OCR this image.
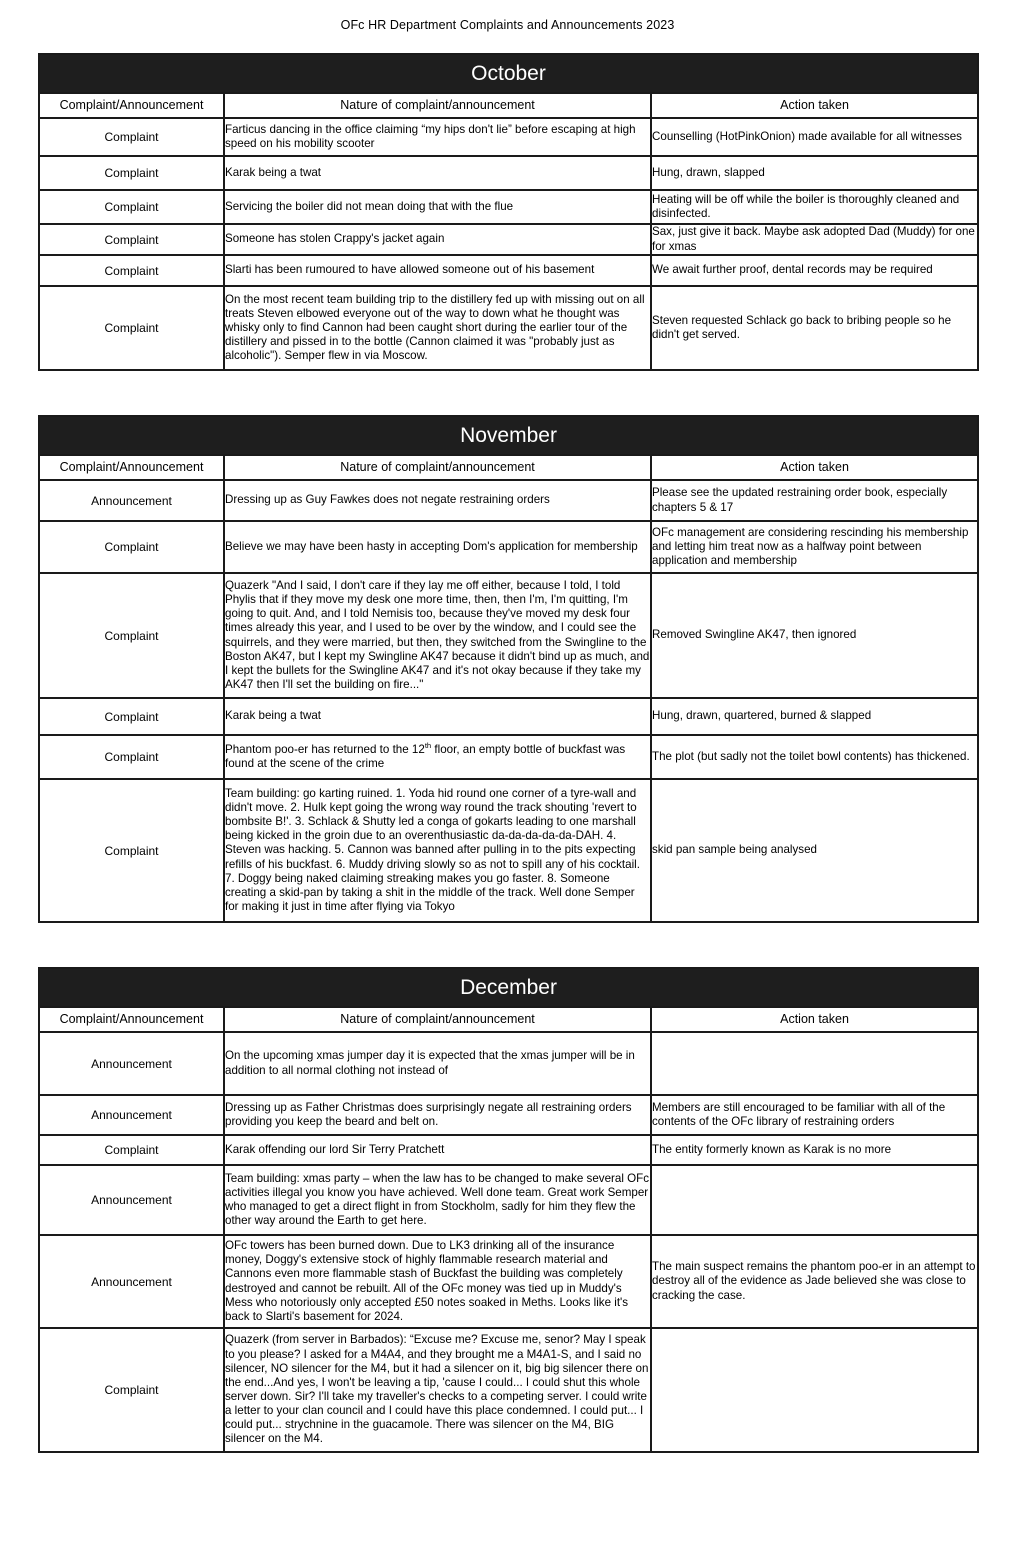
OFc HR Department Complaints and Announcements 2023
October		
Complaint/Announcement	Nature of complaint/announcement	Action taken
Complaint	Farticus dancing in the office claiming “my hips don't lie” before escaping at high speed on his mobility scooter	Counselling (HotPinkOnion) made available for all witnesses
Complaint	Karak being a twat	Hung, drawn, slapped
Complaint	Servicing the boiler did not mean doing that with the flue	Heating will be off while the boiler is thoroughly cleaned and disinfected.
Complaint	Someone has stolen Crappy's jacket again	Sax, just give it back. Maybe ask adopted Dad (Muddy) for one for xmas
Complaint	Slarti has been rumoured to have allowed someone out of his basement	We await further proof, dental records may be required
Complaint	On the most recent team building trip to the distillery fed up with missing out on all treats Steven elbowed everyone out of the way to down what he thought was whisky only to find Cannon had been caught short during the earlier tour of the distillery and pissed in to the bottle (Cannon claimed it was "probably just as alcoholic"). Semper flew in via Moscow.	Steven requested Schlack go back to bribing people so he didn't get served.
November		
Complaint/Announcement	Nature of complaint/announcement	Action taken
Announcement	Dressing up as Guy Fawkes does not negate restraining orders	Please see the updated restraining order book, especially chapters 5 & 17
Complaint	Believe we may have been hasty in accepting Dom's application for membership	OFc management are considering rescinding his membership and letting him treat now as a halfway point between application and membership
Complaint	Quazerk "And I said, I don't care if they lay me off either, because I told, I told Phylis that if they move my desk one more time, then, then I'm, I'm quitting, I'm going to quit. And, and I told Nemisis too, because they've moved my desk four times already this year, and I used to be over by the window, and I could see the squirrels, and they were married, but then, they switched from the Swingline to the Boston AK47, but I kept my Swingline AK47 because it didn't bind up as much, and I kept the bullets for the Swingline AK47 and it's not okay because if they take my AK47 then I'll set the building on fire..."	Removed Swingline AK47, then ignored
Complaint	Karak being a twat	Hung, drawn, quartered, burned & slapped
Complaint	Phantom poo-er has returned to the 12th floor, an empty bottle of buckfast was found at the scene of the crime	The plot (but sadly not the toilet bowl contents) has thickened.
Complaint	Team building: go karting ruined. 1. Yoda hid round one corner of a tyre-wall and didn't move. 2. Hulk kept going the wrong way round the track shouting 'revert to bombsite B!'. 3. Schlack & Shutty led a conga of gokarts leading to one marshall being kicked in the groin due to an overenthusiastic da-da-da-da-da-DAH. 4. Steven was hacking. 5. Cannon was banned after pulling in to the pits expecting refills of his buckfast. 6. Muddy driving slowly so as not to spill any of his cocktail. 7. Doggy being naked claiming streaking makes you go faster. 8. Someone creating a skid-pan by taking a shit in the middle of the track. Well done Semper for making it just in time after flying via Tokyo	skid pan sample being analysed
December		
Complaint/Announcement	Nature of complaint/announcement	Action taken
Announcement	On the upcoming xmas jumper day it is expected that the xmas jumper will be in addition to all normal clothing not instead of	
Announcement	Dressing up as Father Christmas does surprisingly negate all restraining orders providing you keep the beard and belt on.	Members are still encouraged to be familiar with all of the contents of the OFc library of restraining orders
Complaint	Karak offending our lord Sir Terry Pratchett	The entity formerly known as Karak is no more
Announcement	Team building: xmas party – when the law has to be changed to make several OFc activities illegal you know you have achieved. Well done team. Great work Semper who managed to get a direct flight in from Stockholm, sadly for him they flew the other way around the Earth to get here.	
Announcement	OFc towers has been burned down. Due to LK3 drinking all of the insurance money, Doggy's extensive stock of highly flammable research material and Cannons even more flammable stash of Buckfast the building was completely destroyed and cannot be rebuilt. All of the OFc money was tied up in Muddy's Mess who notoriously only accepted £50 notes soaked in Meths. Looks like it's back to Slarti's basement for 2024.	The main suspect remains the phantom poo-er in an attempt to destroy all of the evidence as Jade believed she was close to cracking the case.
Complaint	Quazerk (from server in Barbados): “Excuse me? Excuse me, senor? May I speak to you please? I asked for a M4A4, and they brought me a M4A1-S, and I said no silencer, NO silencer for the M4, but it had a silencer on it, big big silencer there on the end...And yes, I won't be leaving a tip, 'cause I could... I could shut this whole server down. Sir? I'll take my traveller's checks to a competing server. I could write a letter to your clan council and I could have this place condemned. I could put... I could put... strychnine in the guacamole. There was silencer on the M4, BIG silencer on the M4.	
